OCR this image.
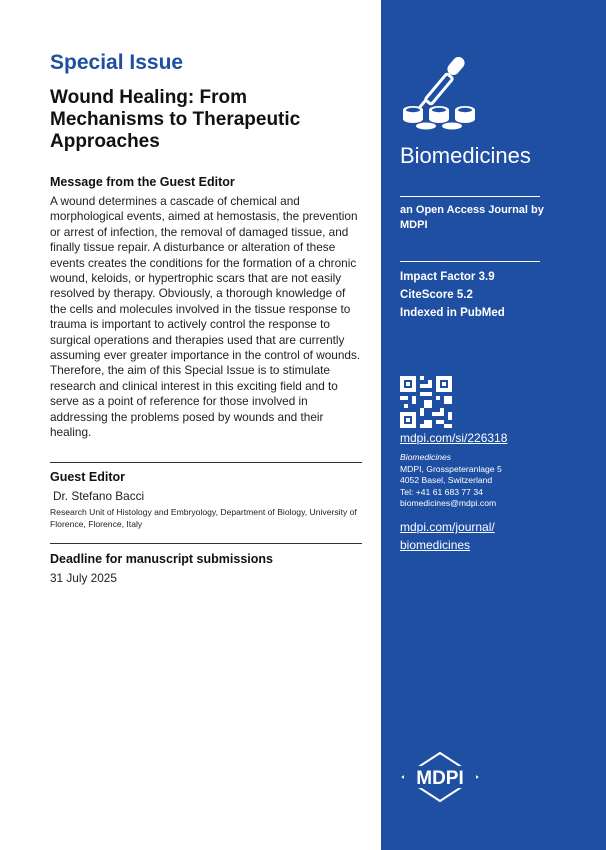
Special Issue
Wound Healing: From Mechanisms to Therapeutic Approaches
Message from the Guest Editor

A wound determines a cascade of chemical and morphological events, aimed at hemostasis, the prevention or arrest of infection, the removal of damaged tissue, and finally tissue repair. A disturbance or alteration of these events creates the conditions for the formation of a chronic wound, keloids, or hypertrophic scars that are not easily resolved by therapy. Obviously, a thorough knowledge of the cells and molecules involved in the tissue response to trauma is important to actively control the response to surgical operations and therapies used that are currently assuming ever greater importance in the control of wounds. Therefore, the aim of this Special Issue is to stimulate research and clinical interest in this exciting field and to serve as a point of reference for those involved in addressing the problems posed by wounds and their healing.

Guest Editor
Dr. Stefano Bacci
Research Unit of Histology and Embryology, Department of Biology, University of Florence, Florence, Italy
Deadline for manuscript submissions
31 July 2025
Biomedicines

an Open Access Journal by MDPI

Impact Factor 3.9
CiteScore 5.2
Indexed in PubMed
mdpi.com/si/226318
Biomedicines
MDPI, Grosspeteranlage 5
4052 Basel, Switzerland
Tel: +41 61 683 77 34
biomedicines@mdpi.com
mdpi.com/journal/
biomedicines
MDPI
